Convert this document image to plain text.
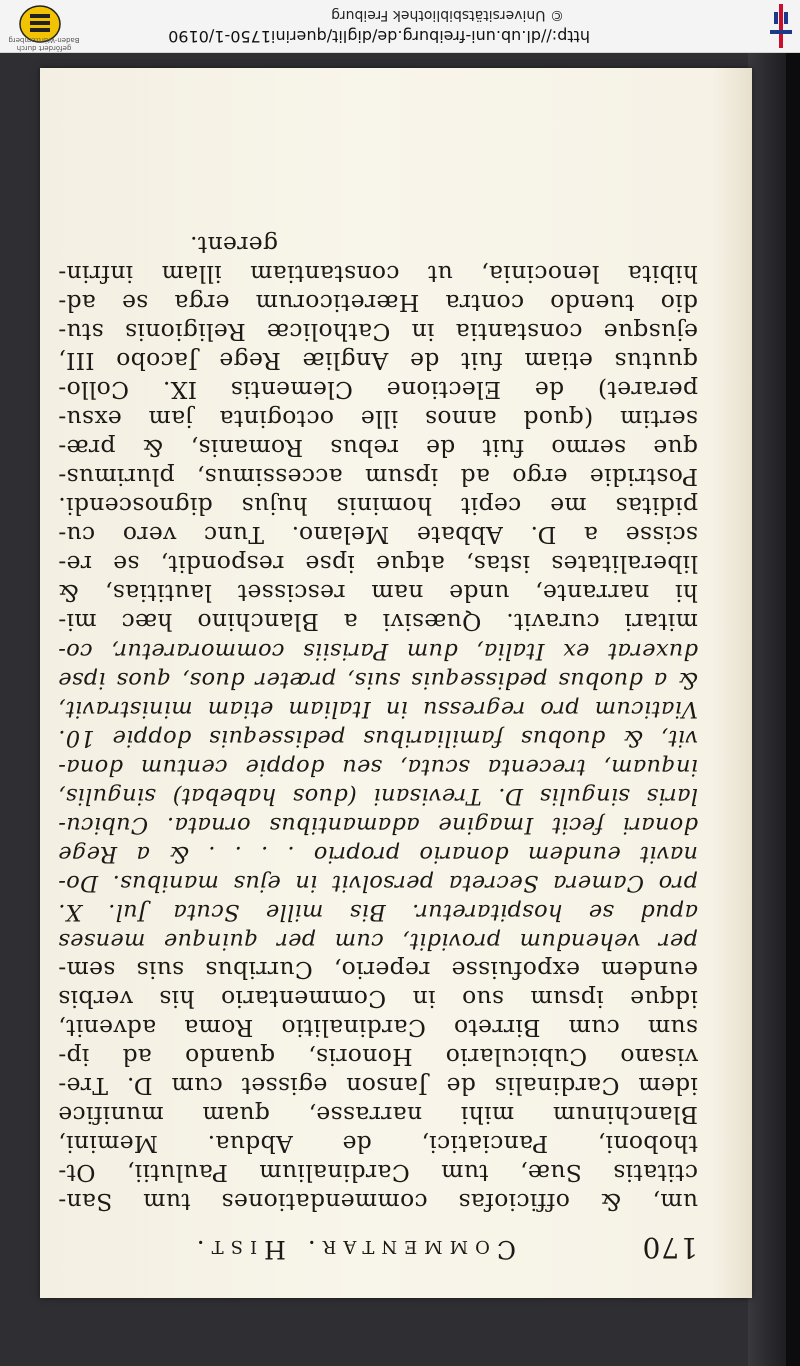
170
Commentar. Hist.
um, & officiofas commendationes tum San-
ctitatis Suæ, tum Cardinalium Paulutii, Ot-
thoboni, Panciatici, de Abdua. Memini,
Blanchinum mihi narrasse, quam munifice
idem Cardinalis de Janson egisset cum D. Tre-
visano Cubiculario Honoris, quando ad ip-
sum cum Birreto Cardinalitio Roma advenit,
idque ipsum suo in Commentario his verbis
eundem expofuisse reperio, Curribus suis sem-
per vehendum providit, cum per quinque menses
apud se hospitaretur. Bis mille Scuta Jul. X.
pro Camera Secreta persolvit in ejus manibus. Do-
navit eundem donario proprio . . . . & a Rege
donari fecit Imagine adamantibus ornata. Cubicu-
laris singulis D. Trevisani (duos habebat) singulis,
inquam, trecenta scuta, seu doppie centum dona-
vit, & duobus familiaribus pedissequis doppie 10.
Viaticum pro regressu in Italiam etiam ministravit,
& a duobus pedissequis suis, præter duos, quos ipse
duxerat ex Italia, dum Parisiis commoraretur, co-
mitari curavit. Quæsivi a Blanchino hæc mi-
hi narrante, unde nam rescisset lautitias, &
liberalitates istas, atque ipse respondit, se re-
scisse a D. Abbate Melano. Tunc vero cu-
piditas me cepit hominis hujus dignoscendi.
Postridie ergo ad ipsum accessimus, plurimus-
que sermo fuit de rebus Romanis, & præ-
sertim (quod annos ille octoginta jam exsu-
peraret) de Electione Clementis IX. Collo-
quutus etiam fuit de Angliæ Rege Jacobo III,
ejusque constantia in Catholicæ Religionis stu-
dio tuendo contra Hæreticorum erga se ad-
hibita lenocinia, ut constantiam illam infrin-
gerent.
http://dl.ub.uni-freiburg.de/diglit/querini1750-1/0190
© Universitätsbibliothek Freiburg
gefördert durch Baden-Württemberg
